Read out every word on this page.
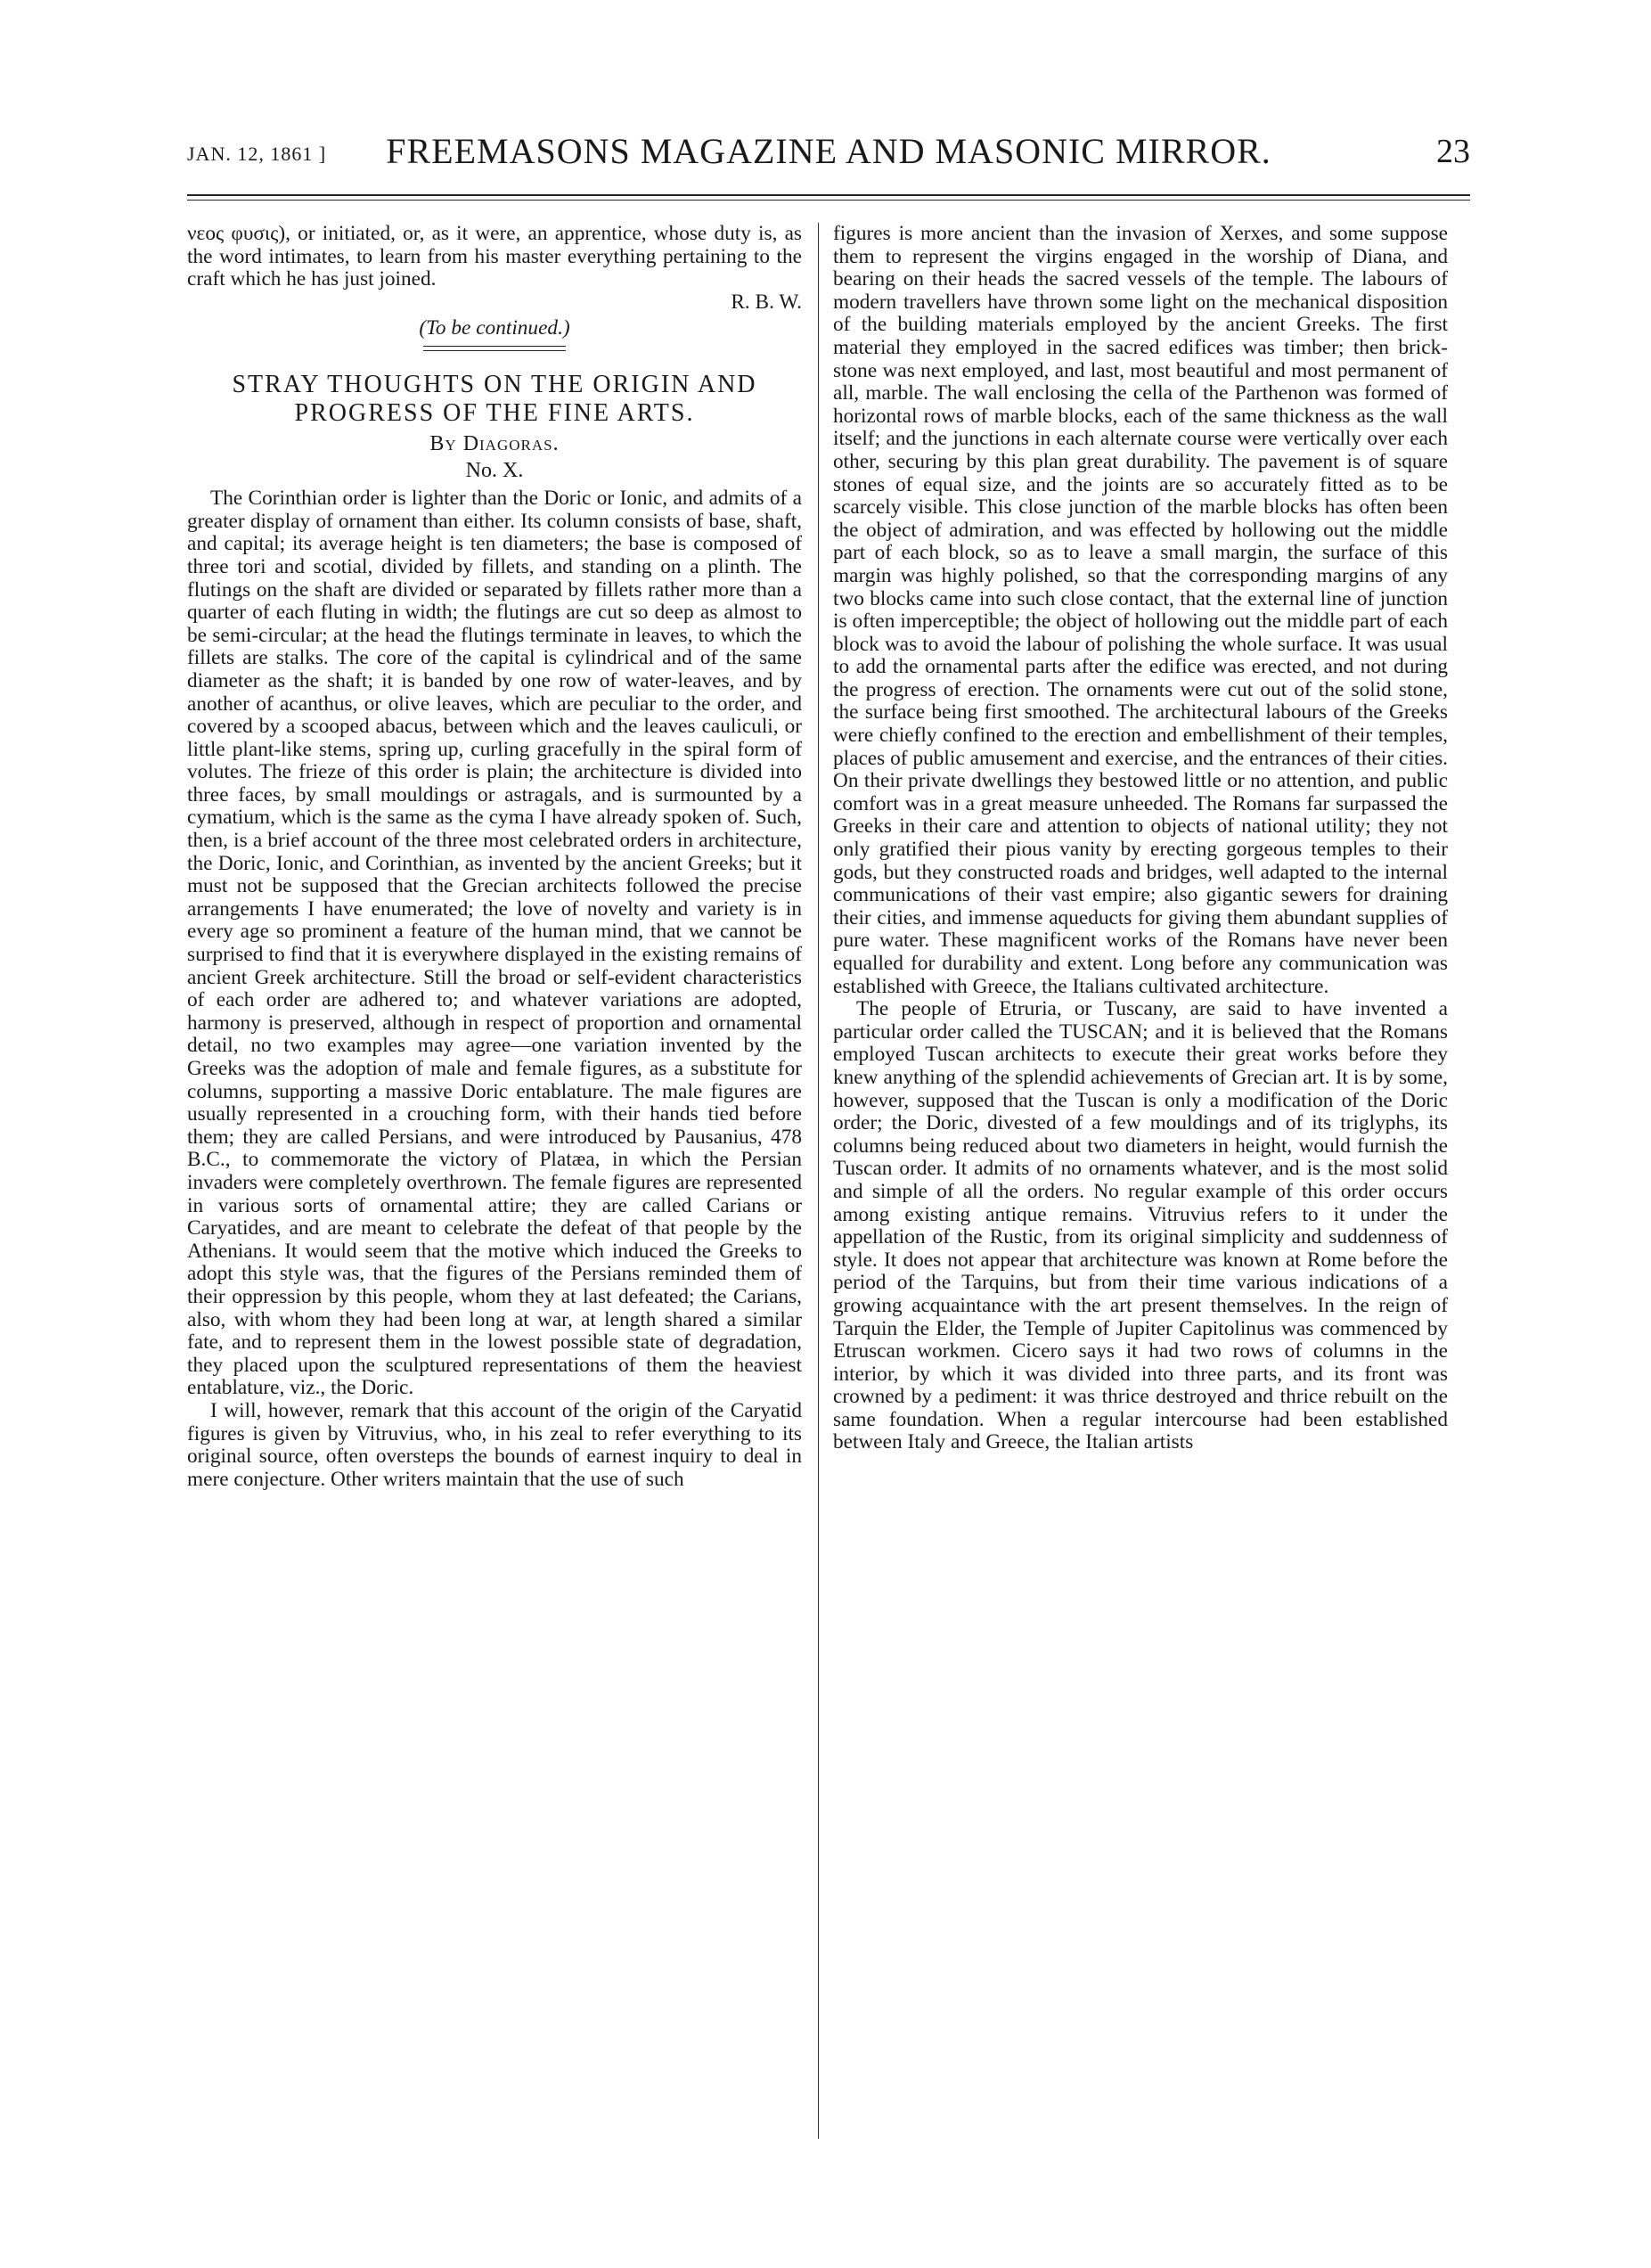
JAN. 12, 1861 ]	FREEMASONS MAGAZINE AND MASONIC MIRROR.	23

νεος φυσις), or initiated, or, as it were, an apprentice, whose duty is, as the word intimates, to learn from his master everything pertaining to the craft which he has just joined.

R. B. W.
(To be continued.)
STRAY THOUGHTS ON THE ORIGIN AND PROGRESS OF THE FINE ARTS.
By Diagoras.
No. X.

The Corinthian order is lighter than the Doric or Ionic, and admits of a greater display of ornament than either. Its column consists of base, shaft, and capital; its average height is ten diameters; the base is composed of three tori and scotial, divided by fillets, and standing on a plinth. The flutings on the shaft are divided or separated by fillets rather more than a quarter of each fluting in width; the flutings are cut so deep as almost to be semi-circular; at the head the flutings terminate in leaves, to which the fillets are stalks. The core of the capital is cylindrical and of the same diameter as the shaft; it is banded by one row of water-leaves, and by another of acanthus, or olive leaves, which are peculiar to the order, and covered by a scooped abacus, between which and the leaves cauliculi, or little plant-like stems, spring up, curling gracefully in the spiral form of volutes. The frieze of this order is plain; the architecture is divided into three faces, by small mouldings or astragals, and is surmounted by a cymatium, which is the same as the cyma I have already spoken of. Such, then, is a brief account of the three most celebrated orders in architecture, the Doric, Ionic, and Corinthian, as invented by the ancient Greeks; but it must not be supposed that the Grecian architects followed the precise arrangements I have enumerated; the love of novelty and variety is in every age so prominent a feature of the human mind, that we cannot be surprised to find that it is everywhere displayed in the existing remains of ancient Greek architecture. Still the broad or self-evident characteristics of each order are adhered to; and whatever variations are adopted, harmony is preserved, although in respect of proportion and ornamental detail, no two examples may agree—one variation invented by the Greeks was the adoption of male and female figures, as a substitute for columns, supporting a massive Doric entablature. The male figures are usually represented in a crouching form, with their hands tied before them; they are called Persians, and were introduced by Pausanius, 478 B.C., to commemorate the victory of Platæa, in which the Persian invaders were completely overthrown. The female figures are represented in various sorts of ornamental attire; they are called Carians or Caryatides, and are meant to celebrate the defeat of that people by the Athenians. It would seem that the motive which induced the Greeks to adopt this style was, that the figures of the Persians reminded them of their oppression by this people, whom they at last defeated; the Carians, also, with whom they had been long at war, at length shared a similar fate, and to represent them in the lowest possible state of degradation, they placed upon the sculptured representations of them the heaviest entablature, viz., the Doric.

I will, however, remark that this account of the origin of the Caryatid figures is given by Vitruvius, who, in his zeal to refer everything to its original source, often oversteps the bounds of earnest inquiry to deal in mere conjecture. Other writers maintain that the use of such

figures is more ancient than the invasion of Xerxes, and some suppose them to represent the virgins engaged in the worship of Diana, and bearing on their heads the sacred vessels of the temple. The labours of modern travellers have thrown some light on the mechanical disposition of the building materials employed by the ancient Greeks. The first material they employed in the sacred edifices was timber; then brick-stone was next employed, and last, most beautiful and most permanent of all, marble. The wall enclosing the cella of the Parthenon was formed of horizontal rows of marble blocks, each of the same thickness as the wall itself; and the junctions in each alternate course were vertically over each other, securing by this plan great durability. The pavement is of square stones of equal size, and the joints are so accurately fitted as to be scarcely visible. This close junction of the marble blocks has often been the object of admiration, and was effected by hollowing out the middle part of each block, so as to leave a small margin, the surface of this margin was highly polished, so that the corresponding margins of any two blocks came into such close contact, that the external line of junction is often imperceptible; the object of hollowing out the middle part of each block was to avoid the labour of polishing the whole surface. It was usual to add the ornamental parts after the edifice was erected, and not during the progress of erection. The ornaments were cut out of the solid stone, the surface being first smoothed. The architectural labours of the Greeks were chiefly confined to the erection and embellishment of their temples, places of public amusement and exercise, and the entrances of their cities. On their private dwellings they bestowed little or no attention, and public comfort was in a great measure unheeded. The Romans far surpassed the Greeks in their care and attention to objects of national utility; they not only gratified their pious vanity by erecting gorgeous temples to their gods, but they constructed roads and bridges, well adapted to the internal communications of their vast empire; also gigantic sewers for draining their cities, and immense aqueducts for giving them abundant supplies of pure water. These magnificent works of the Romans have never been equalled for durability and extent. Long before any communication was established with Greece, the Italians cultivated architecture.

The people of Etruria, or Tuscany, are said to have invented a particular order called the TUSCAN; and it is believed that the Romans employed Tuscan architects to execute their great works before they knew anything of the splendid achievements of Grecian art. It is by some, however, supposed that the Tuscan is only a modification of the Doric order; the Doric, divested of a few mouldings and of its triglyphs, its columns being reduced about two diameters in height, would furnish the Tuscan order. It admits of no ornaments whatever, and is the most solid and simple of all the orders. No regular example of this order occurs among existing antique remains. Vitruvius refers to it under the appellation of the Rustic, from its original simplicity and suddenness of style. It does not appear that architecture was known at Rome before the period of the Tarquins, but from their time various indications of a growing acquaintance with the art present themselves. In the reign of Tarquin the Elder, the Temple of Jupiter Capitolinus was commenced by Etruscan workmen. Cicero says it had two rows of columns in the interior, by which it was divided into three parts, and its front was crowned by a pediment: it was thrice destroyed and thrice rebuilt on the same foundation. When a regular intercourse had been established between Italy and Greece, the Italian artists
